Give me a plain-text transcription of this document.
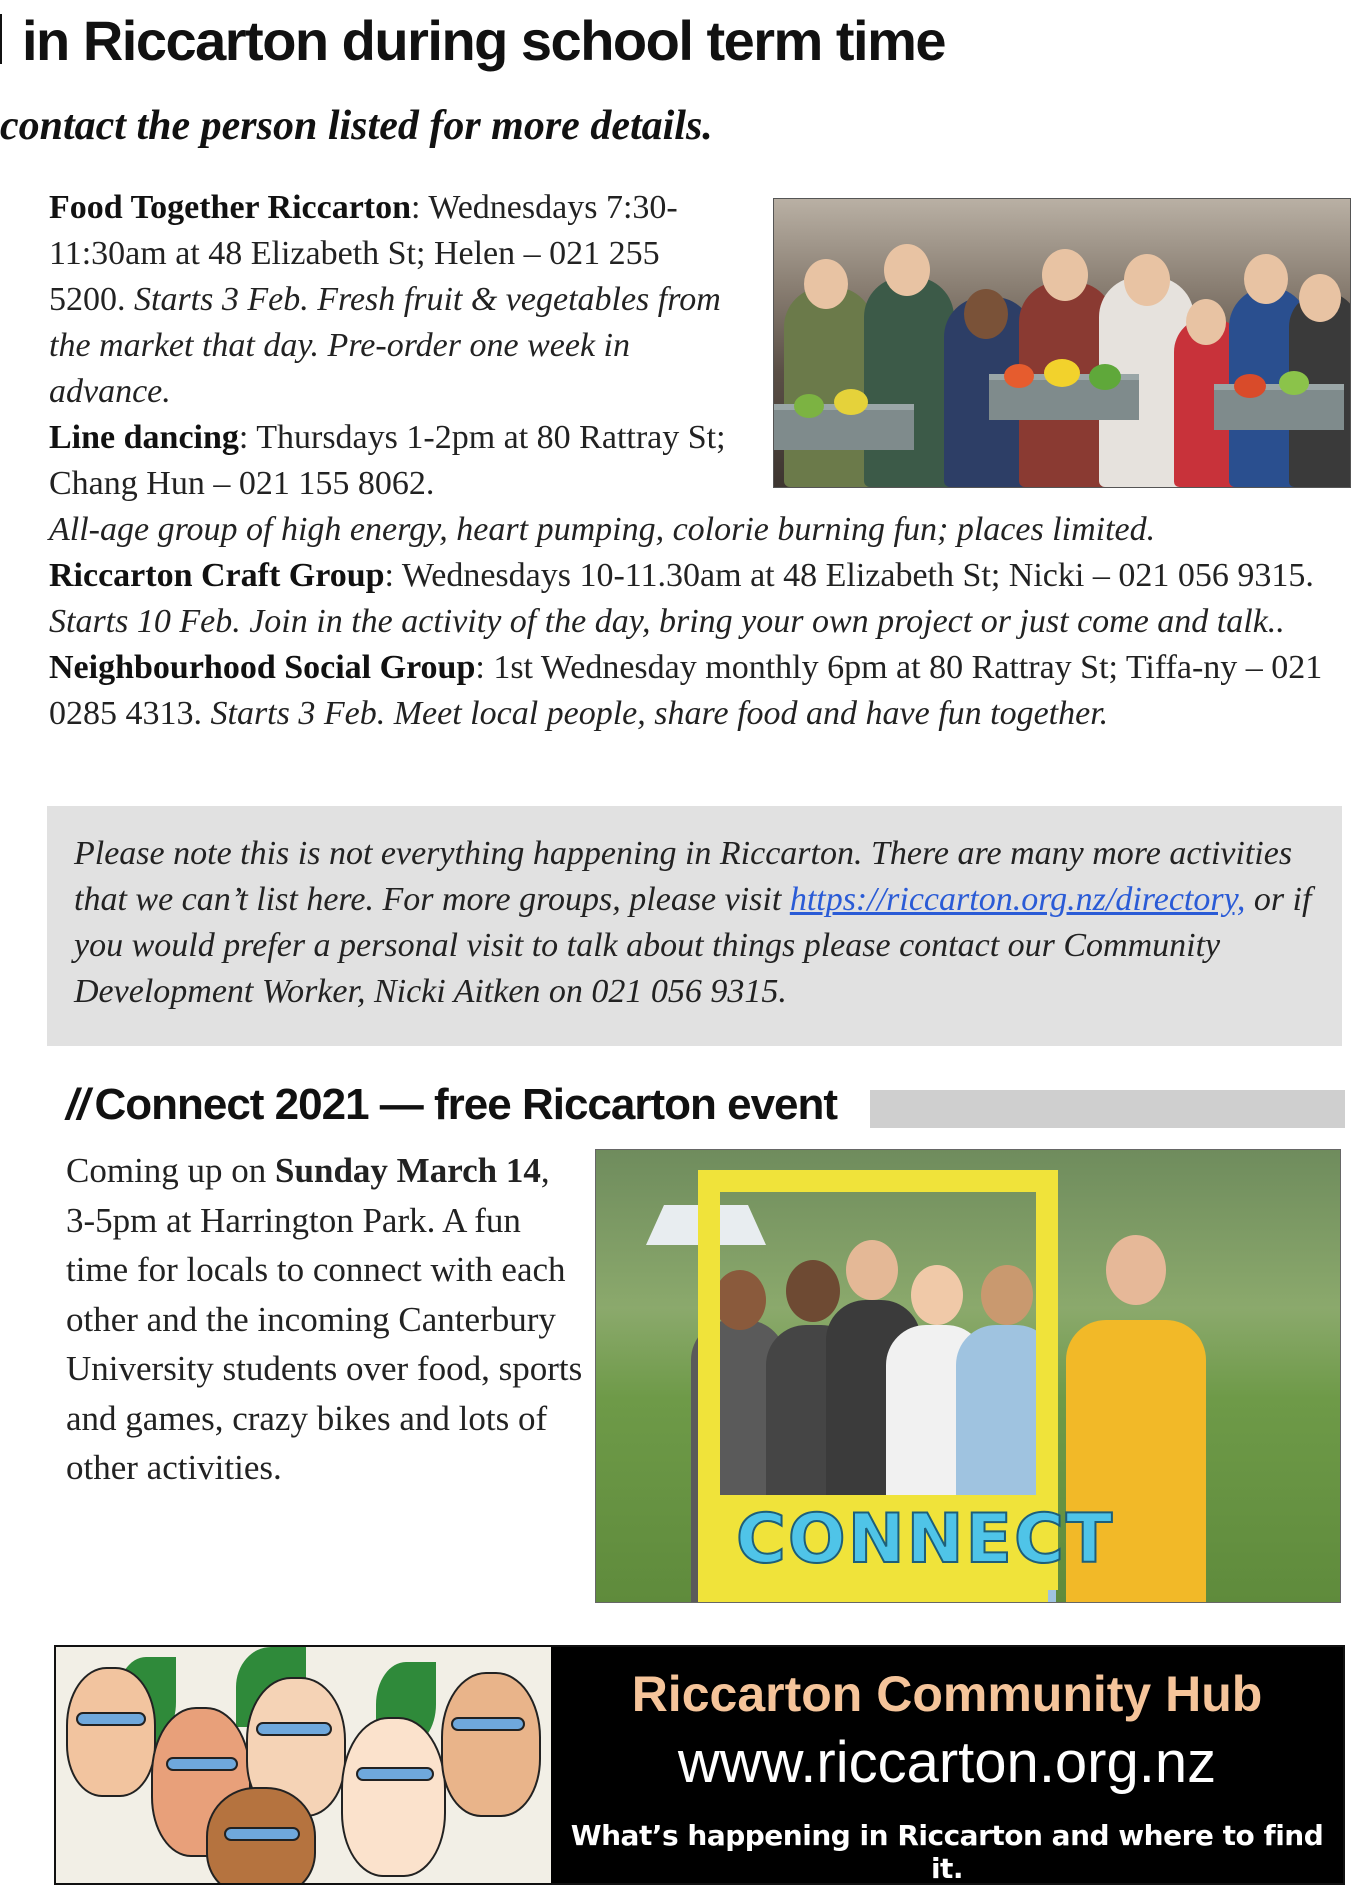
in Riccarton during school term time
contact the person listed for more details.

Food Together Riccarton: Wednesdays 7:30-11:30am at 48 Elizabeth St; Helen – 021 255 5200. Starts 3 Feb. Fresh fruit & vegetables from the market that day. Pre-order one week in advance.

Line dancing: Thursdays 1-2pm at 80 Rattray St; Chang Hun – 021 155 8062.

All-age group of high energy, heart pumping, colorie burning fun; places limited.

Riccarton Craft Group: Wednesdays 10-11.30am at 48 Elizabeth St; Nicki – 021 056 9315. Starts 10 Feb. Join in the activity of the day, bring your own project or just come and talk..

Neighbourhood Social Group: 1st Wednesday monthly 6pm at 80 Rattray St; Tiffa-ny – 021 0285 4313. Starts 3 Feb. Meet local people, share food and have fun together.

Please note this is not everything happening in Riccarton. There are many more activities that we can’t list here. For more groups, please visit https://riccarton.org.nz/directory, or if you would prefer a personal visit to talk about things please contact our Community Development Worker, Nicki Aitken on 021 056 9315.
// Connect 2021 — free Riccarton event
Coming up on Sunday March 14, 3-5pm at Harrington Park. A fun time for locals to connect with each other and the incoming Canterbury University students over food, sports and games, crazy bikes and lots of other activities.
CONNECT
Riccarton Community Hub
www.riccarton.org.nz
What’s happening in Riccarton and where to find it.
